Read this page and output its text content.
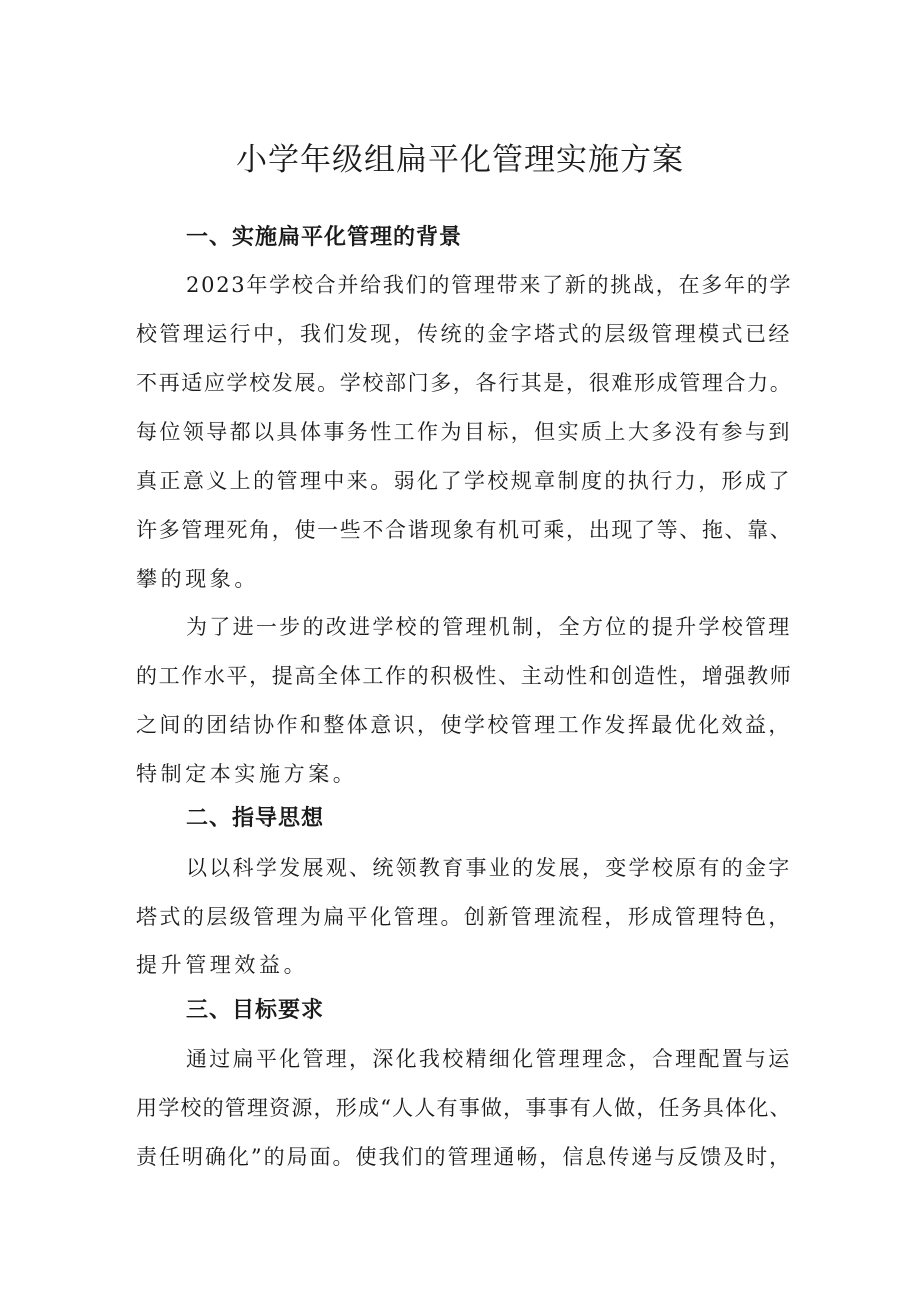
小学年级组扁平化管理实施方案
一、实施扁平化管理的背景

2023年学校合并给我们的管理带来了新的挑战，在多年的学

校管理运行中，我们发现，传统的金字塔式的层级管理模式已经

不再适应学校发展。学校部门多，各行其是，很难形成管理合力。

每位领导都以具体事务性工作为目标，但实质上大多没有参与到

真正意义上的管理中来。弱化了学校规章制度的执行力，形成了

许多管理死角，使一些不合谐现象有机可乘，出现了等、拖、靠、

攀的现象。

为了进一步的改进学校的管理机制，全方位的提升学校管理

的工作水平，提高全体工作的积极性、主动性和创造性，增强教师

之间的团结协作和整体意识，使学校管理工作发挥最优化效益，

特制定本实施方案。

二、指导思想

以以科学发展观、统领教育事业的发展，变学校原有的金字

塔式的层级管理为扁平化管理。创新管理流程，形成管理特色，

提升管理效益。

三、目标要求

通过扁平化管理，深化我校精细化管理理念，合理配置与运

用学校的管理资源，形成“人人有事做，事事有人做，任务具体化、

责任明确化”的局面。使我们的管理通畅，信息传递与反馈及时，
